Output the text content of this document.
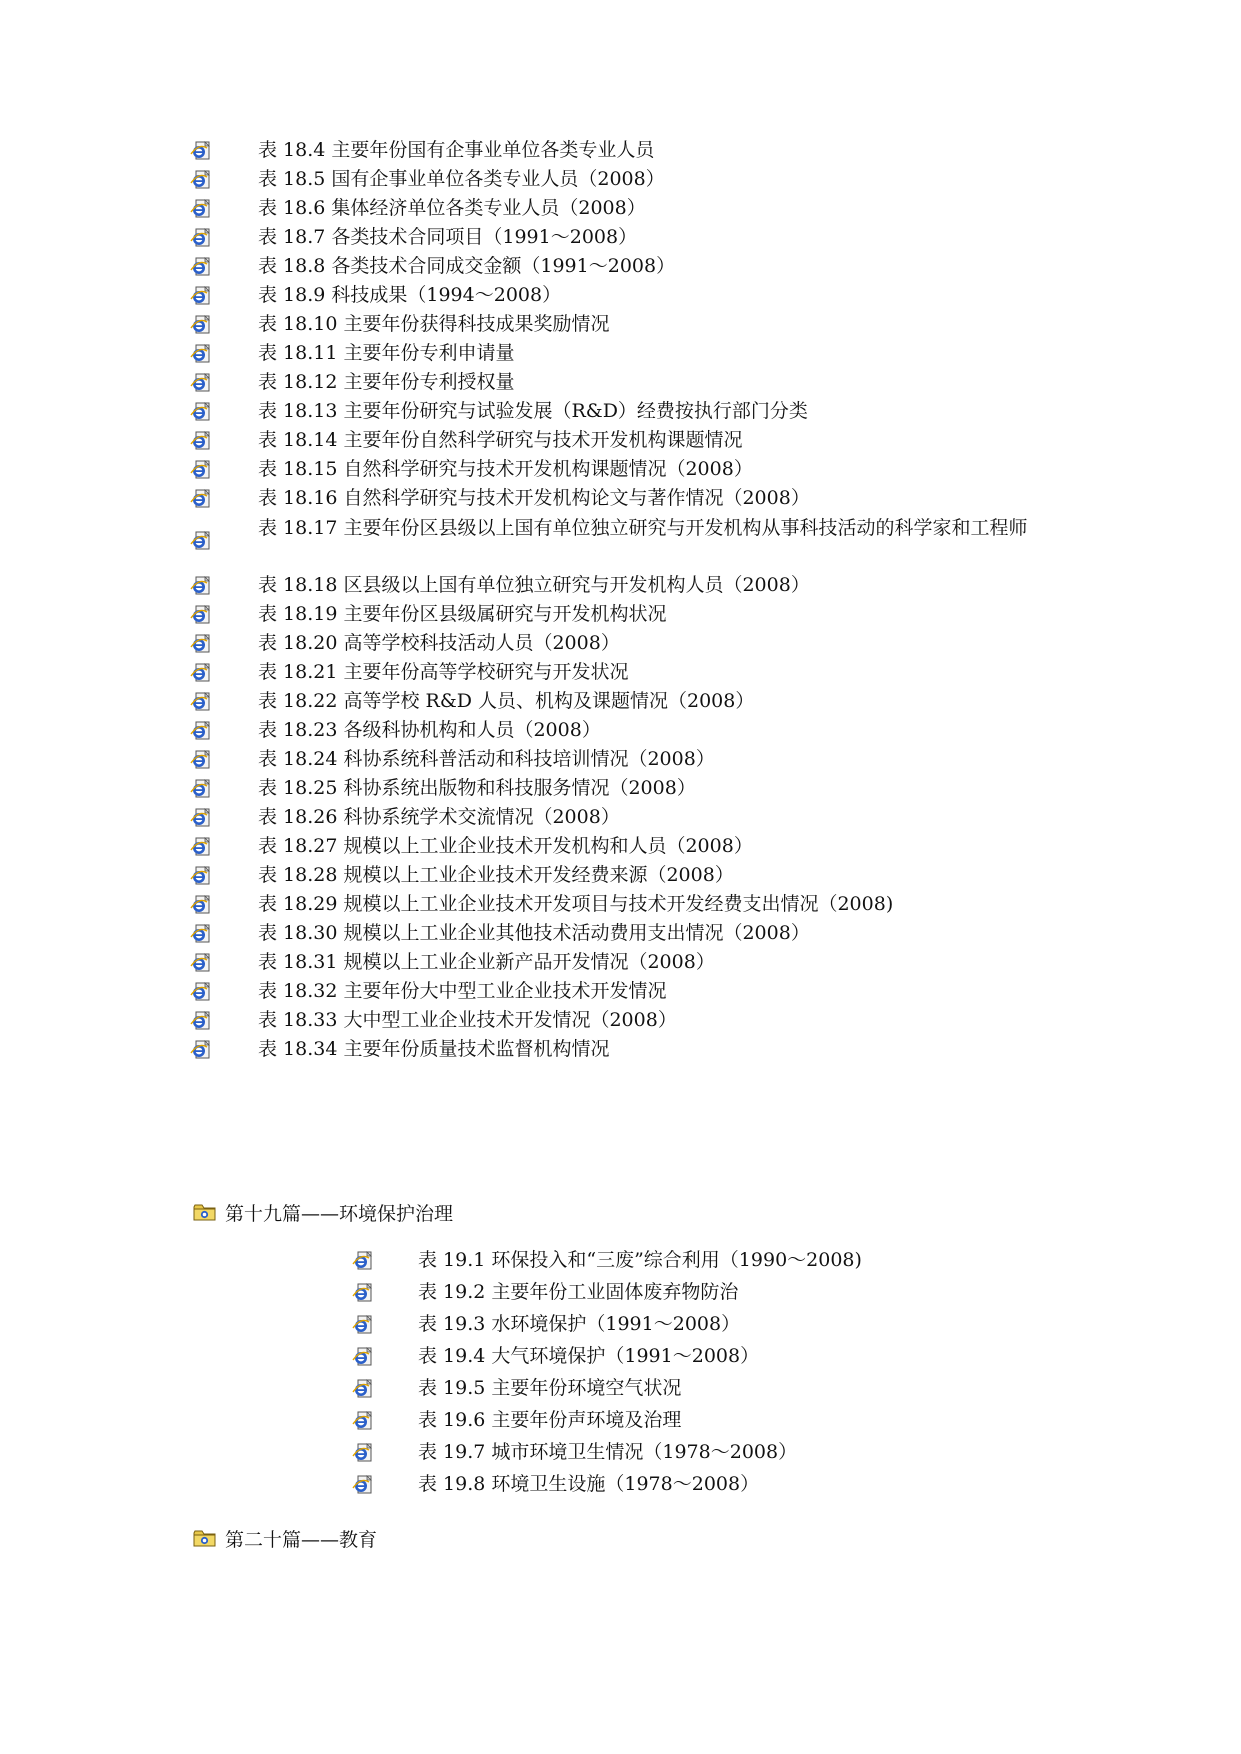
表 18.4 主要年份国有企事业单位各类专业人员
表 18.5 国有企事业单位各类专业人员（2008）
表 18.6 集体经济单位各类专业人员（2008）
表 18.7 各类技术合同项目（1991～2008）
表 18.8 各类技术合同成交金额（1991～2008）
表 18.9 科技成果（1994～2008）
表 18.10 主要年份获得科技成果奖励情况
表 18.11 主要年份专利申请量
表 18.12 主要年份专利授权量
表 18.13 主要年份研究与试验发展（R&D）经费按执行部门分类
表 18.14 主要年份自然科学研究与技术开发机构课题情况
表 18.15 自然科学研究与技术开发机构课题情况（2008）
表 18.16 自然科学研究与技术开发机构论文与著作情况（2008）
表 18.17 主要年份区县级以上国有单位独立研究与开发机构从事科技活动的科学家和工程师
表 18.18 区县级以上国有单位独立研究与开发机构人员（2008）
表 18.19 主要年份区县级属研究与开发机构状况
表 18.20 高等学校科技活动人员（2008）
表 18.21 主要年份高等学校研究与开发状况
表 18.22 高等学校 R&D 人员、机构及课题情况（2008）
表 18.23 各级科协机构和人员（2008）
表 18.24 科协系统科普活动和科技培训情况（2008）
表 18.25 科协系统出版物和科技服务情况（2008）
表 18.26 科协系统学术交流情况（2008）
表 18.27 规模以上工业企业技术开发机构和人员（2008）
表 18.28 规模以上工业企业技术开发经费来源（2008）
表 18.29 规模以上工业企业技术开发项目与技术开发经费支出情况（2008)
表 18.30 规模以上工业企业其他技术活动费用支出情况（2008）
表 18.31 规模以上工业企业新产品开发情况（2008）
表 18.32 主要年份大中型工业企业技术开发情况
表 18.33 大中型工业企业技术开发情况（2008）
表 18.34 主要年份质量技术监督机构情况
第十九篇——环境保护治理
表 19.1 环保投入和“三废”综合利用（1990～2008)
表 19.2 主要年份工业固体废弃物防治
表 19.3 水环境保护（1991～2008）
表 19.4 大气环境保护（1991～2008）
表 19.5 主要年份环境空气状况
表 19.6 主要年份声环境及治理
表 19.7 城市环境卫生情况（1978～2008）
表 19.8 环境卫生设施（1978～2008）
第二十篇——教育
